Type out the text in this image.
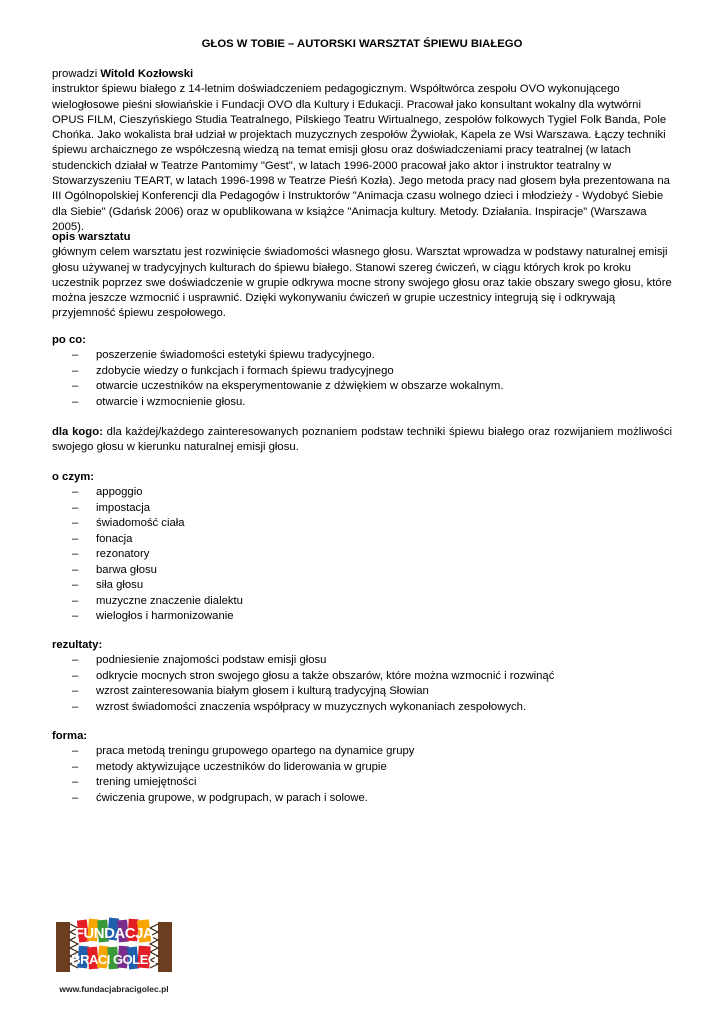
GŁOS W TOBIE – AUTORSKI WARSZTAT ŚPIEWU BIAŁEGO

prowadzi Witold Kozłowski

instruktor śpiewu białego z 14-letnim doświadczeniem pedagogicznym. Współtwórca zespołu OVO wykonującego wielogłosowe pieśni słowiańskie i Fundacji OVO dla Kultury i Edukacji. Pracował jako konsultant wokalny dla wytwórni OPUS FILM, Cieszyńskiego Studia Teatralnego, Pilskiego Teatru Wirtualnego, zespołów folkowych Tygiel Folk Banda, Pole Chońka. Jako wokalista brał udział w projektach muzycznych zespołów Żywiołak, Kapela ze Wsi Warszawa. Łączy techniki śpiewu archaicznego ze współczesną wiedzą na temat emisji głosu oraz doświadczeniami pracy teatralnej (w latach studenckich działał w Teatrze Pantomimy "Gest", w latach 1996-2000 pracował jako aktor i instruktor teatralny w Stowarzyszeniu TEART, w latach 1996-1998 w Teatrze Pieśń Kozła). Jego metoda pracy nad głosem była prezentowana na III Ogólnopolskiej Konferencji dla Pedagogów i Instruktorów "Animacja czasu wolnego dzieci i młodzieży - Wydobyć Siebie dla Siebie" (Gdańsk 2006) oraz w opublikowana w książce "Animacja kultury. Metody. Działania. Inspiracje" (Warszawa 2005).

opis warsztatu

głównym celem warsztatu jest rozwinięcie świadomości własnego głosu. Warsztat wprowadza w podstawy naturalnej emisji głosu używanej w tradycyjnych kulturach do śpiewu białego. Stanowi szereg ćwiczeń, w ciągu których krok po kroku uczestnik poprzez swe doświadczenie w grupie odkrywa mocne strony swojego głosu oraz takie obszary swego głosu, które można jeszcze wzmocnić i usprawnić. Dzięki wykonywaniu ćwiczeń w grupie uczestnicy integrują się i odkrywają przyjemność śpiewu zespołowego.

po co:

– poszerzenie świadomości estetyki śpiewu tradycyjnego.
– zdobycie wiedzy o funkcjach i formach śpiewu tradycyjnego
– otwarcie uczestników na eksperymentowanie z dźwiękiem w obszarze wokalnym.
– otwarcie i wzmocnienie głosu.

dla kogo: dla każdej/każdego zainteresowanych poznaniem podstaw techniki śpiewu białego oraz rozwijaniem możliwości swojego głosu w kierunku naturalnej emisji głosu.

o czym:

– appoggio
– impostacja
– świadomość ciała
– fonacja
– rezonatory
– barwa głosu
– siła głosu
– muzyczne znaczenie dialektu
– wielogłos i harmonizowanie

rezultaty:

– podniesienie znajomości podstaw emisji głosu
– odkrycie mocnych stron swojego głosu a także obszarów, które można wzmocnić i rozwinąć
– wzrost zainteresowania białym głosem i kulturą tradycyjną Słowian
– wzrost świadomości znaczenia współpracy w muzycznych wykonaniach zespołowych.

forma:

– praca metodą treningu grupowego opartego na dynamice grupy
– metody aktywizujące uczestników do liderowania w grupie
– trening umiejętności
– ćwiczenia grupowe, w podgrupach, w parach i solowe.
FUNDACJA
BRACI GOLEC
www.fundacjabracigolec.pl
